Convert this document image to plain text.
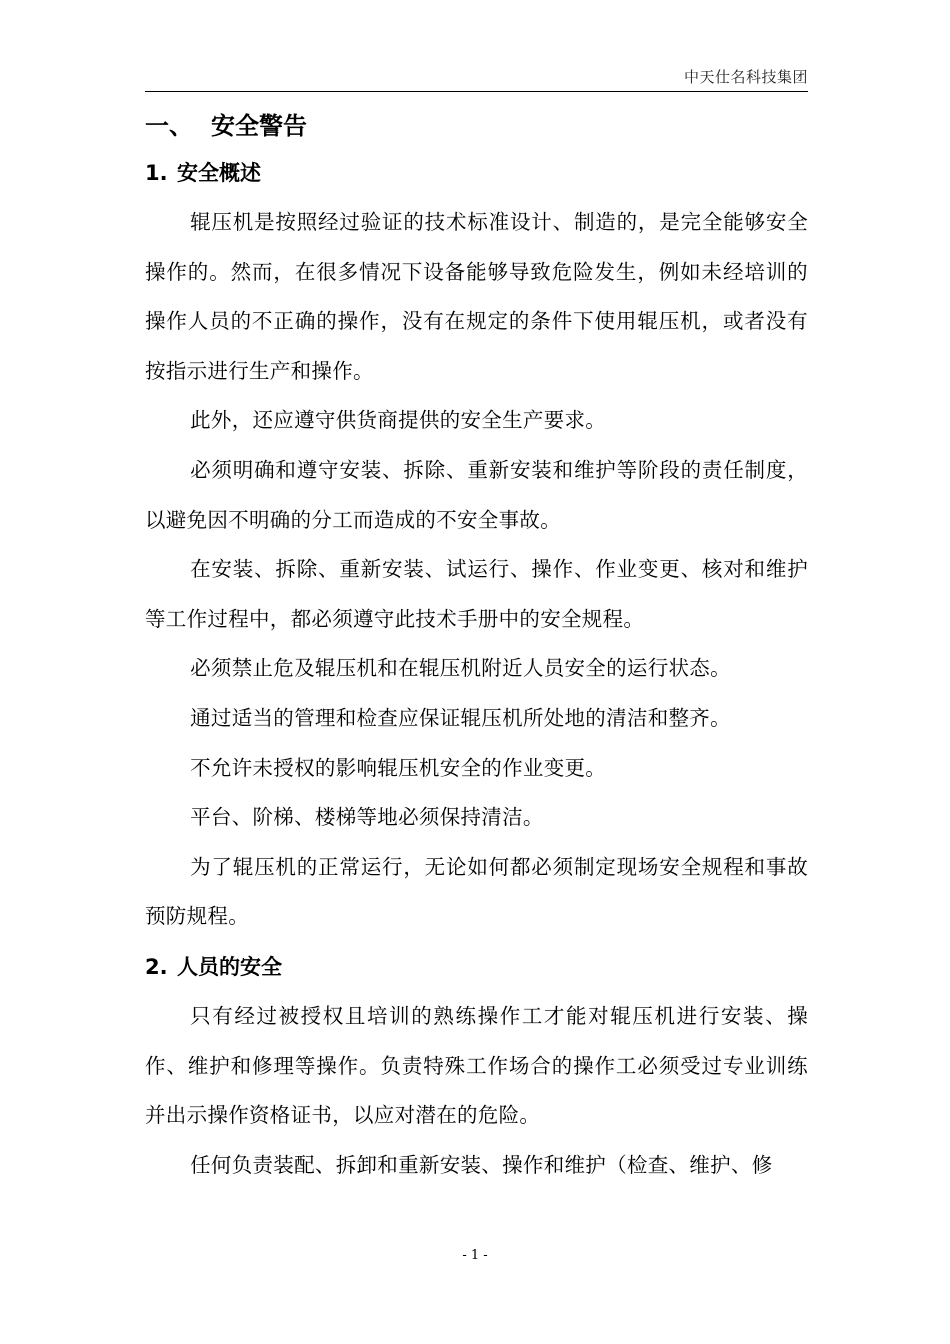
中天仕名科技集团
一、 安全警告
1. 安全概述

辊压机是按照经过验证的技术标准设计、制造的，是完全能够安全操作的。然而，在很多情况下设备能够导致危险发生，例如未经培训的操作人员的不正确的操作，没有在规定的条件下使用辊压机，或者没有按指示进行生产和操作。

此外，还应遵守供货商提供的安全生产要求。

必须明确和遵守安装、拆除、重新安装和维护等阶段的责任制度，以避免因不明确的分工而造成的不安全事故。

在安装、拆除、重新安装、试运行、操作、作业变更、核对和维护等工作过程中，都必须遵守此技术手册中的安全规程。

必须禁止危及辊压机和在辊压机附近人员安全的运行状态。

通过适当的管理和检查应保证辊压机所处地的清洁和整齐。

不允许未授权的影响辊压机安全的作业变更。

平台、阶梯、楼梯等地必须保持清洁。

为了辊压机的正常运行，无论如何都必须制定现场安全规程和事故预防规程。

2. 人员的安全

只有经过被授权且培训的熟练操作工才能对辊压机进行安装、操作、维护和修理等操作。负责特殊工作场合的操作工必须受过专业训练并出示操作资格证书，以应对潜在的危险。

任何负责装配、拆卸和重新安装、操作和维护（检查、维护、修

- 1 -
